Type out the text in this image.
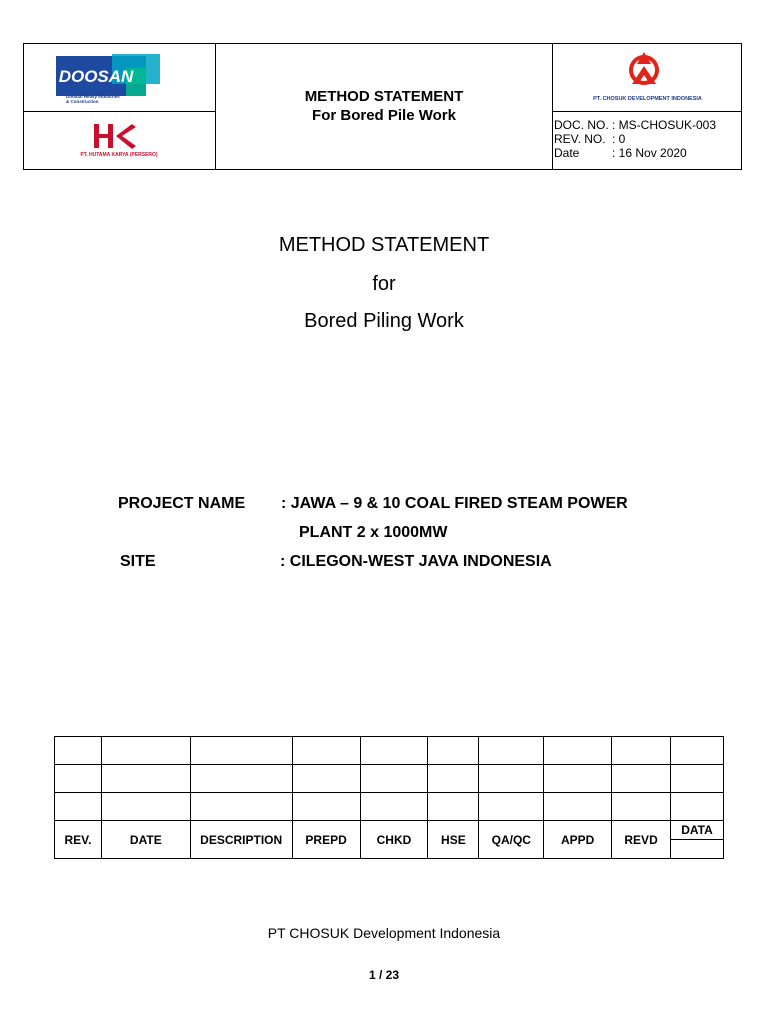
DOOSAN
Doosan Heavy Industries
& Construction
PT. HUTAMA KARYA (PERSERO)
METHOD STATEMENT
For Bored Pile Work
PT. CHOSUK DEVELOPMENT INDONESIA
DOC. NO. : MS-CHOSUK-003
REV. NO. : 0
Date	: 16 Nov 2020
METHOD STATEMENT
for
Bored Piling Work
PROJECT NAME : JAWA – 9 & 10 COAL FIRED STEAM POWER
PLANT 2 x 1000MW
SITE	: CILEGON-WEST JAVA INDONESIA

REV.	DATE	DESCRIPTION	PREPD	CHKD	HSE	QA/QC	APPD	REVD	DATA

PT CHOSUK Development Indonesia
1 / 23
